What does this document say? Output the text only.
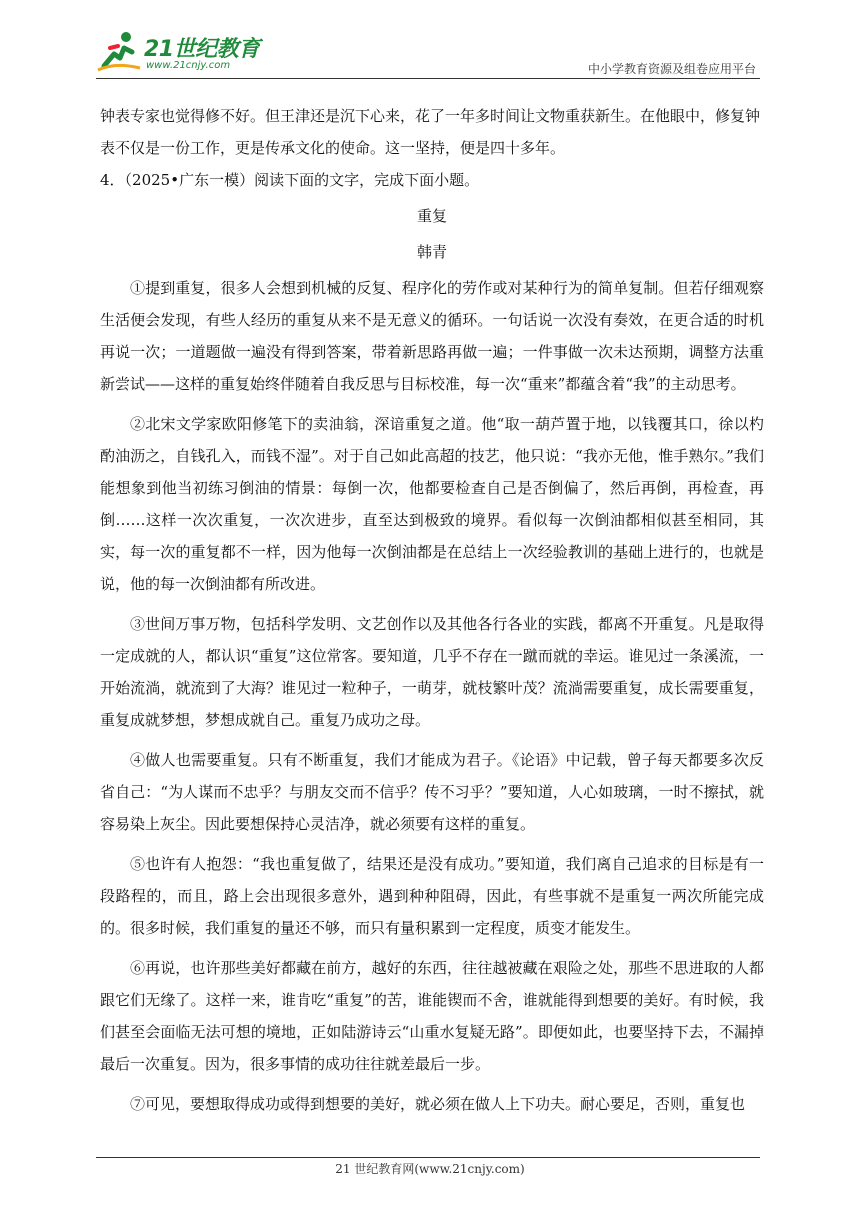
21世纪教育
www.21cnjy.com	中小学教育资源及组卷应用平台

钟表专家也觉得修不好。但王津还是沉下心来，花了一年多时间让文物重获新生。在他眼中，修复钟

表不仅是一份工作，更是传承文化的使命。这一坚持，便是四十多年。

4．（2025•广东一模）阅读下面的文字，完成下面小题。

重复

韩青

①提到重复，很多人会想到机械的反复、程序化的劳作或对某种行为的简单复制。但若仔细观察生活便会发现，有些人经历的重复从来不是无意义的循环。一句话说一次没有奏效，在更合适的时机再说一次；一道题做一遍没有得到答案，带着新思路再做一遍；一件事做一次未达预期，调整方法重新尝试——这样的重复始终伴随着自我反思与目标校准，每一次“重来”都蕴含着“我”的主动思考。

②北宋文学家欧阳修笔下的卖油翁，深谙重复之道。他“取一葫芦置于地，以钱覆其口，徐以杓酌油沥之，自钱孔入，而钱不湿”。对于自己如此高超的技艺，他只说：“我亦无他，惟手熟尔。”我们能想象到他当初练习倒油的情景：每倒一次，他都要检查自己是否倒偏了，然后再倒，再检查，再倒……这样一次次重复，一次次进步，直至达到极致的境界。看似每一次倒油都相似甚至相同，其实，每一次的重复都不一样，因为他每一次倒油都是在总结上一次经验教训的基础上进行的，也就是说，他的每一次倒油都有所改进。

③世间万事万物，包括科学发明、文艺创作以及其他各行各业的实践，都离不开重复。凡是取得一定成就的人，都认识“重复”这位常客。要知道，几乎不存在一蹴而就的幸运。谁见过一条溪流，一开始流淌，就流到了大海？谁见过一粒种子，一萌芽，就枝繁叶茂？流淌需要重复，成长需要重复，重复成就梦想，梦想成就自己。重复乃成功之母。

④做人也需要重复。只有不断重复，我们才能成为君子。《论语》中记载，曾子每天都要多次反省自己：“为人谋而不忠乎？与朋友交而不信乎？传不习乎？”要知道，人心如玻璃，一时不擦拭，就容易染上灰尘。因此要想保持心灵洁净，就必须要有这样的重复。

⑤也许有人抱怨：“我也重复做了，结果还是没有成功。”要知道，我们离自己追求的目标是有一段路程的，而且，路上会出现很多意外，遇到种种阻碍，因此，有些事就不是重复一两次所能完成的。很多时候，我们重复的量还不够，而只有量积累到一定程度，质变才能发生。

⑥再说，也许那些美好都藏在前方，越好的东西，往往越被藏在艰险之处，那些不思进取的人都跟它们无缘了。这样一来，谁肯吃“重复”的苦，谁能锲而不舍，谁就能得到想要的美好。有时候，我们甚至会面临无法可想的境地，正如陆游诗云“山重水复疑无路”。即便如此，也要坚持下去，不漏掉最后一次重复。因为，很多事情的成功往往就差最后一步。

⑦可见，要想取得成功或得到想要的美好，就必须在做人上下功夫。耐心要足，否则，重复也

21 世纪教育网(www.21cnjy.com)
